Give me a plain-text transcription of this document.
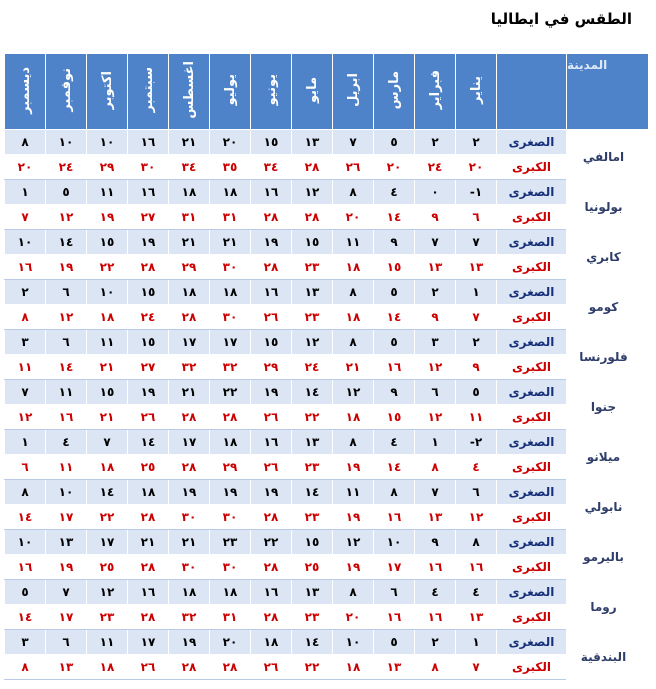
الطقس في ايطاليا
المدينة		يناير	فبراير	مارس	ابريل	مايو	يونيو	يوليو	اغسطس	سبتمبر	اكتوبر	نوفمبر	ديسمبر
امالفي	الصغرى	٢	٢	٥	٧	١٣	١٥	٢٠	٢١	١٦	١٠	١٠	٨
	الكبرى	٢٠	٢٤	٢٠	٢٦	٢٨	٣٤	٣٥	٣٤	٣٠	٢٩	٢٤	٢٠
بولونيا	الصغرى	١-	٠	٤	٨	١٢	١٦	١٨	١٨	١٦	١١	٥	١
	الكبرى	٦	٩	١٤	٢٠	٢٨	٢٨	٣١	٣١	٢٧	١٩	١٢	٧
كابري	الصغرى	٧	٧	٩	١١	١٥	١٩	٢١	٢١	١٩	١٥	١٤	١٠
	الكبرى	١٣	١٣	١٥	١٨	٢٣	٢٨	٣٠	٢٩	٢٨	٢٢	١٩	١٦
كومو	الصغرى	١	٢	٥	٨	١٣	١٦	١٨	١٨	١٥	١٠	٦	٢
	الكبرى	٧	٩	١٤	١٨	٢٣	٢٦	٣٠	٢٨	٢٤	١٨	١٢	٨
فلورنسا	الصغرى	٢	٣	٥	٨	١٢	١٥	١٧	١٧	١٥	١١	٦	٣
	الكبرى	٩	١٢	١٦	٢١	٢٤	٢٩	٣٢	٣٢	٢٧	٢١	١٤	١١
جنوا	الصغرى	٥	٦	٩	١٢	١٤	١٩	٢٢	٢١	١٩	١٥	١١	٧
	الكبرى	١١	١٢	١٥	١٨	٢٢	٢٦	٢٨	٢٨	٢٦	٢١	١٦	١٢
ميلانو	الصغرى	٢-	١	٤	٨	١٣	١٦	١٨	١٧	١٤	٧	٤	١
	الكبرى	٤	٨	١٤	١٩	٢٣	٢٦	٢٩	٢٨	٢٥	١٨	١١	٦
نابولي	الصغرى	٦	٧	٨	١١	١٤	١٩	١٩	١٩	١٨	١٤	١٠	٨
	الكبرى	١٢	١٣	١٦	١٩	٢٣	٢٨	٣٠	٣٠	٢٨	٢٢	١٧	١٤
باليرمو	الصغرى	٨	٩	١٠	١٢	١٥	٢٢	٢٣	٢١	٢١	١٧	١٣	١٠
	الكبرى	١٦	١٦	١٧	١٩	٢٥	٢٨	٣٠	٣٠	٢٨	٢٥	١٩	١٦
روما	الصغرى	٤	٤	٦	٨	١٣	١٦	١٨	١٨	١٦	١٢	٧	٥
	الكبرى	١٣	١٦	١٦	٢٠	٢٣	٢٨	٣١	٣٢	٢٨	٢٣	١٧	١٤
البندقية	الصغرى	١	٢	٥	١٠	١٤	١٨	٢٠	١٩	١٧	١١	٦	٣
	الكبرى	٧	٨	١٣	١٨	٢٢	٢٦	٢٨	٢٨	٢٦	١٨	١٣	٨
